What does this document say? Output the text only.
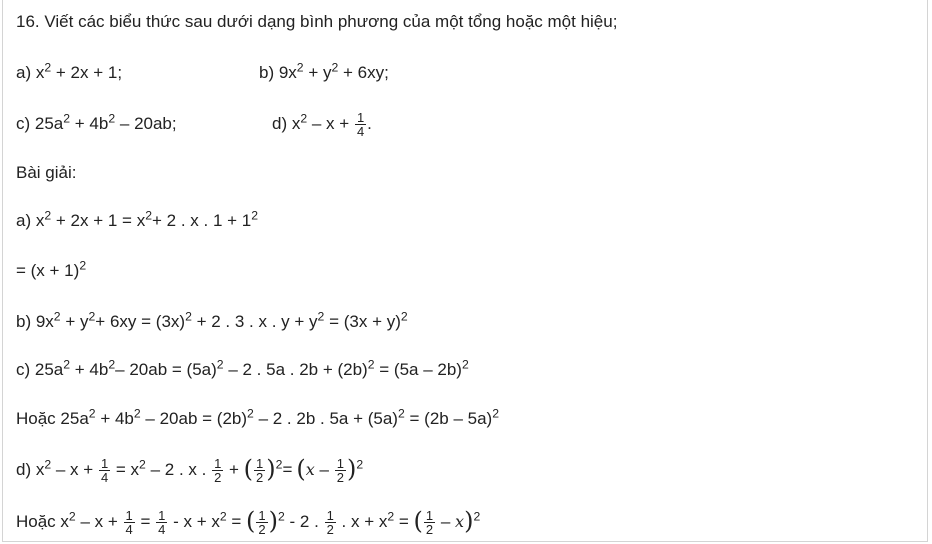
16. Viết các biểu thức sau dưới dạng bình phương của một tổng hoặc một hiệu;
a) $x^2 + 2x + 1$;	b) $9x^2 + y^2 + 6xy$;
c) $25a^2 + 4b^2 - 20ab$;	d) $x^2 - x + \frac{1}{4}$ .
Bài giải:
a) $x^2 + 2x + 1 = x^2+ 2$ . x . $1 + 1^2$
= $(x + 1)^2$
b) $9x^2 + y^2+ 6xy = (3x)^2 + 2$ . 3 . x . $y + y^2 = (3x + y)^2$
c) $25a^2 + 4b^2-$ $20ab = (5a)^2 - 2$ . 5a . $2b + (2b)^2 = (5a - 2b)^2$
Hoặc $25a^2 + 4b^2 - 20ab = (2b)^2 - 2$ . 2b . $5a + (5a)^2 = (2b - 5a)^2$
d) $x^2 - x + \frac{1}{4} = x^2 - 2$ . x . $\frac{1}{2}$ + ( $\frac{1}{2} )^2= (x - \frac{1}{2} )^2$
Hoặc $x^2 - x + \frac{1}{4} = \frac{1}{4} - x + x^2$ = ( $\frac{1}{2} )^2 - 2$ . $\frac{1}{2}$ . $x + x^2$ = ( $\frac{1}{2} - x)^2$
